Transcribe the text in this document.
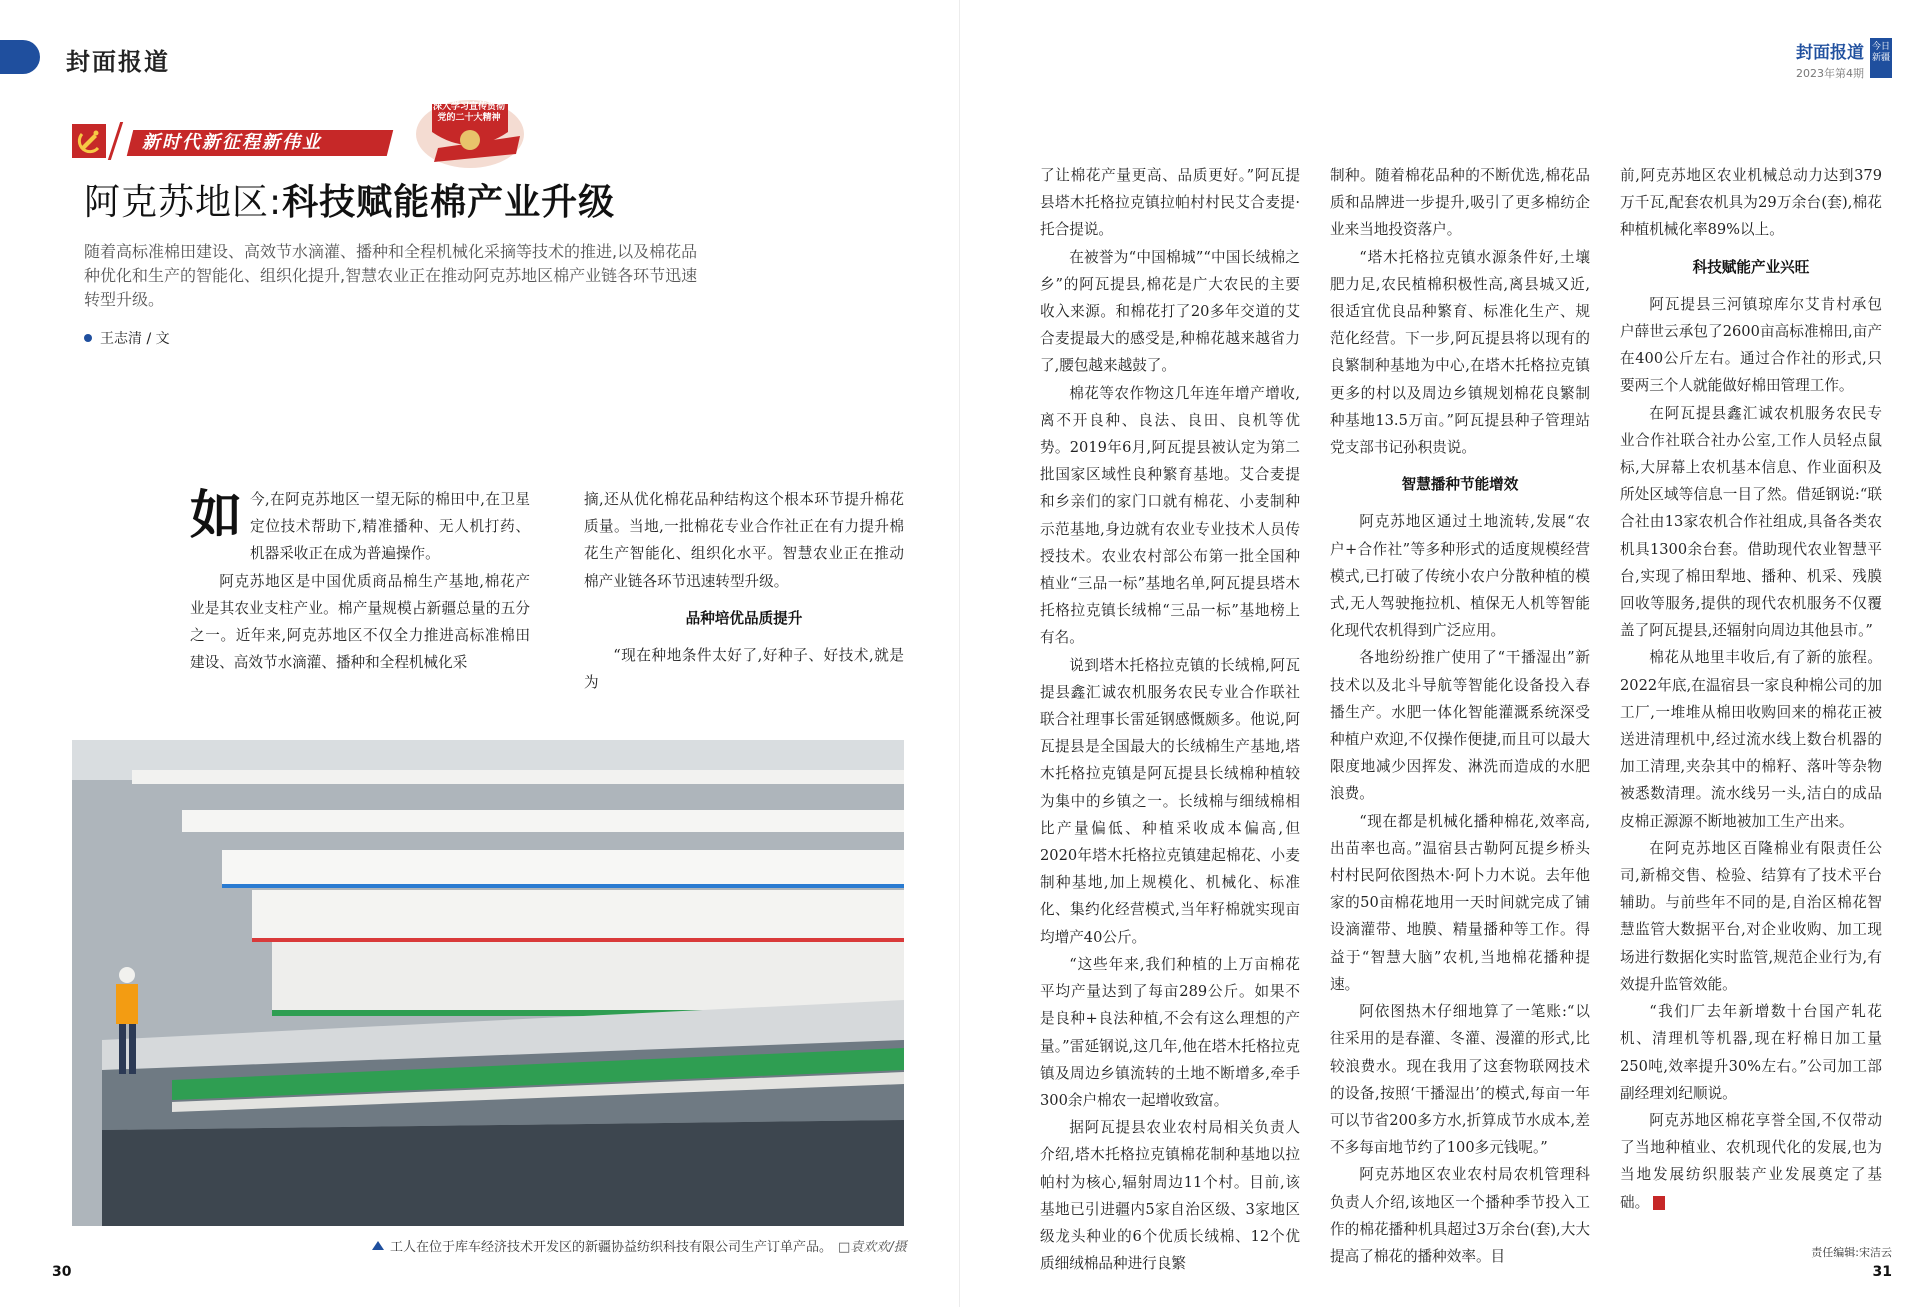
封面报道
新时代新征程新伟业
深入学习宣传贯彻党的二十大精神
阿克苏地区:科技赋能棉产业升级
随着高标准棉田建设、高效节水滴灌、播种和全程机械化采摘等技术的推进,以及棉花品种优化和生产的智能化、组织化提升,智慧农业正在推动阿克苏地区棉产业链各环节迅速转型升级。
王志清 / 文

如今,在阿克苏地区一望无际的棉田中,在卫星定位技术帮助下,精准播种、无人机打药、机器采收正在成为普遍操作。

阿克苏地区是中国优质商品棉生产基地,棉花产业是其农业支柱产业。棉产量规模占新疆总量的五分之一。近年来,阿克苏地区不仅全力推进高标准棉田建设、高效节水滴灌、播种和全程机械化采

摘,还从优化棉花品种结构这个根本环节提升棉花质量。当地,一批棉花专业合作社正在有力提升棉花生产智能化、组织化水平。智慧农业正在推动棉产业链各环节迅速转型升级。

品种培优品质提升

“现在种地条件太好了,好种子、好技术,就是为

工人在位于库车经济技术开发区的新疆协益纺织科技有限公司生产订单产品。 □袁欢欢/摄
30
封面报道
2023年第4期
今日新疆

了让棉花产量更高、品质更好。”阿瓦提县塔木托格拉克镇拉帕村村民艾合麦提·托合提说。

在被誉为“中国棉城”“中国长绒棉之乡”的阿瓦提县,棉花是广大农民的主要收入来源。和棉花打了20多年交道的艾合麦提最大的感受是,种棉花越来越省力了,腰包越来越鼓了。

棉花等农作物这几年连年增产增收,离不开良种、良法、良田、良机等优势。2019年6月,阿瓦提县被认定为第二批国家区域性良种繁育基地。艾合麦提和乡亲们的家门口就有棉花、小麦制种示范基地,身边就有农业专业技术人员传授技术。农业农村部公布第一批全国种植业“三品一标”基地名单,阿瓦提县塔木托格拉克镇长绒棉“三品一标”基地榜上有名。

说到塔木托格拉克镇的长绒棉,阿瓦提县鑫汇诚农机服务农民专业合作联社联合社理事长雷延钢感慨颇多。他说,阿瓦提县是全国最大的长绒棉生产基地,塔木托格拉克镇是阿瓦提县长绒棉种植较为集中的乡镇之一。长绒棉与细绒棉相比产量偏低、种植采收成本偏高,但2020年塔木托格拉克镇建起棉花、小麦制种基地,加上规模化、机械化、标准化、集约化经营模式,当年籽棉就实现亩均增产40公斤。

“这些年来,我们种植的上万亩棉花平均产量达到了每亩289公斤。如果不是良种+良法种植,不会有这么理想的产量。”雷延钢说,这几年,他在塔木托格拉克镇及周边乡镇流转的土地不断增多,牵手300余户棉农一起增收致富。

据阿瓦提县农业农村局相关负责人介绍,塔木托格拉克镇棉花制种基地以拉帕村为核心,辐射周边11个村。目前,该基地已引进疆内5家自治区级、3家地区级龙头种业的6个优质长绒棉、12个优质细绒棉品种进行良繁

制种。随着棉花品种的不断优选,棉花品质和品牌进一步提升,吸引了更多棉纺企业来当地投资落户。

“塔木托格拉克镇水源条件好,土壤肥力足,农民植棉积极性高,离县城又近,很适宜优良品种繁育、标准化生产、规范化经营。下一步,阿瓦提县将以现有的良繁制种基地为中心,在塔木托格拉克镇更多的村以及周边乡镇规划棉花良繁制种基地13.5万亩。”阿瓦提县种子管理站党支部书记孙积贵说。

智慧播种节能增效

阿克苏地区通过土地流转,发展“农户+合作社”等多种形式的适度规模经营模式,已打破了传统小农户分散种植的模式,无人驾驶拖拉机、植保无人机等智能化现代农机得到广泛应用。

各地纷纷推广使用了“干播湿出”新技术以及北斗导航等智能化设备投入春播生产。水肥一体化智能灌溉系统深受种植户欢迎,不仅操作便捷,而且可以最大限度地减少因挥发、淋洗而造成的水肥浪费。

“现在都是机械化播种棉花,效率高,出苗率也高。”温宿县古勒阿瓦提乡桥头村村民阿依图热木·阿卜力木说。去年他家的50亩棉花地用一天时间就完成了铺设滴灌带、地膜、精量播种等工作。得益于“智慧大脑”农机,当地棉花播种提速。

阿依图热木仔细地算了一笔账:“以往采用的是春灌、冬灌、漫灌的形式,比较浪费水。现在我用了这套物联网技术的设备,按照‘干播湿出’的模式,每亩一年可以节省200多方水,折算成节水成本,差不多每亩地节约了100多元钱呢。”

阿克苏地区农业农村局农机管理科负责人介绍,该地区一个播种季节投入工作的棉花播种机具超过3万余台(套),大大提高了棉花的播种效率。目

前,阿克苏地区农业机械总动力达到379万千瓦,配套农机具为29万余台(套),棉花种植机械化率89%以上。

科技赋能产业兴旺

阿瓦提县三河镇琼库尔艾肯村承包户薛世云承包了2600亩高标准棉田,亩产在400公斤左右。通过合作社的形式,只要两三个人就能做好棉田管理工作。

在阿瓦提县鑫汇诚农机服务农民专业合作社联合社办公室,工作人员轻点鼠标,大屏幕上农机基本信息、作业面积及所处区域等信息一目了然。借延钢说:“联合社由13家农机合作社组成,具备各类农机具1300余台套。借助现代农业智慧平台,实现了棉田犁地、播种、机采、残膜回收等服务,提供的现代农机服务不仅覆盖了阿瓦提县,还辐射向周边其他县市。”

棉花从地里丰收后,有了新的旅程。2022年底,在温宿县一家良种棉公司的加工厂,一堆堆从棉田收购回来的棉花正被送进清理机中,经过流水线上数台机器的加工清理,夹杂其中的棉籽、落叶等杂物被悉数清理。流水线另一头,洁白的成品皮棉正源源不断地被加工生产出来。

在阿克苏地区百隆棉业有限责任公司,新棉交售、检验、结算有了技术平台辅助。与前些年不同的是,自治区棉花智慧监管大数据平台,对企业收购、加工现场进行数据化实时监管,规范企业行为,有效提升监管效能。

“我们厂去年新增数十台国产轧花机、清理机等机器,现在籽棉日加工量250吨,效率提升30%左右。”公司加工部副经理刘纪顺说。

阿克苏地区棉花享誉全国,不仅带动了当地种植业、农机现代化的发展,也为当地发展纺织服装产业发展奠定了基础。

责任编辑:宋洁云
31
